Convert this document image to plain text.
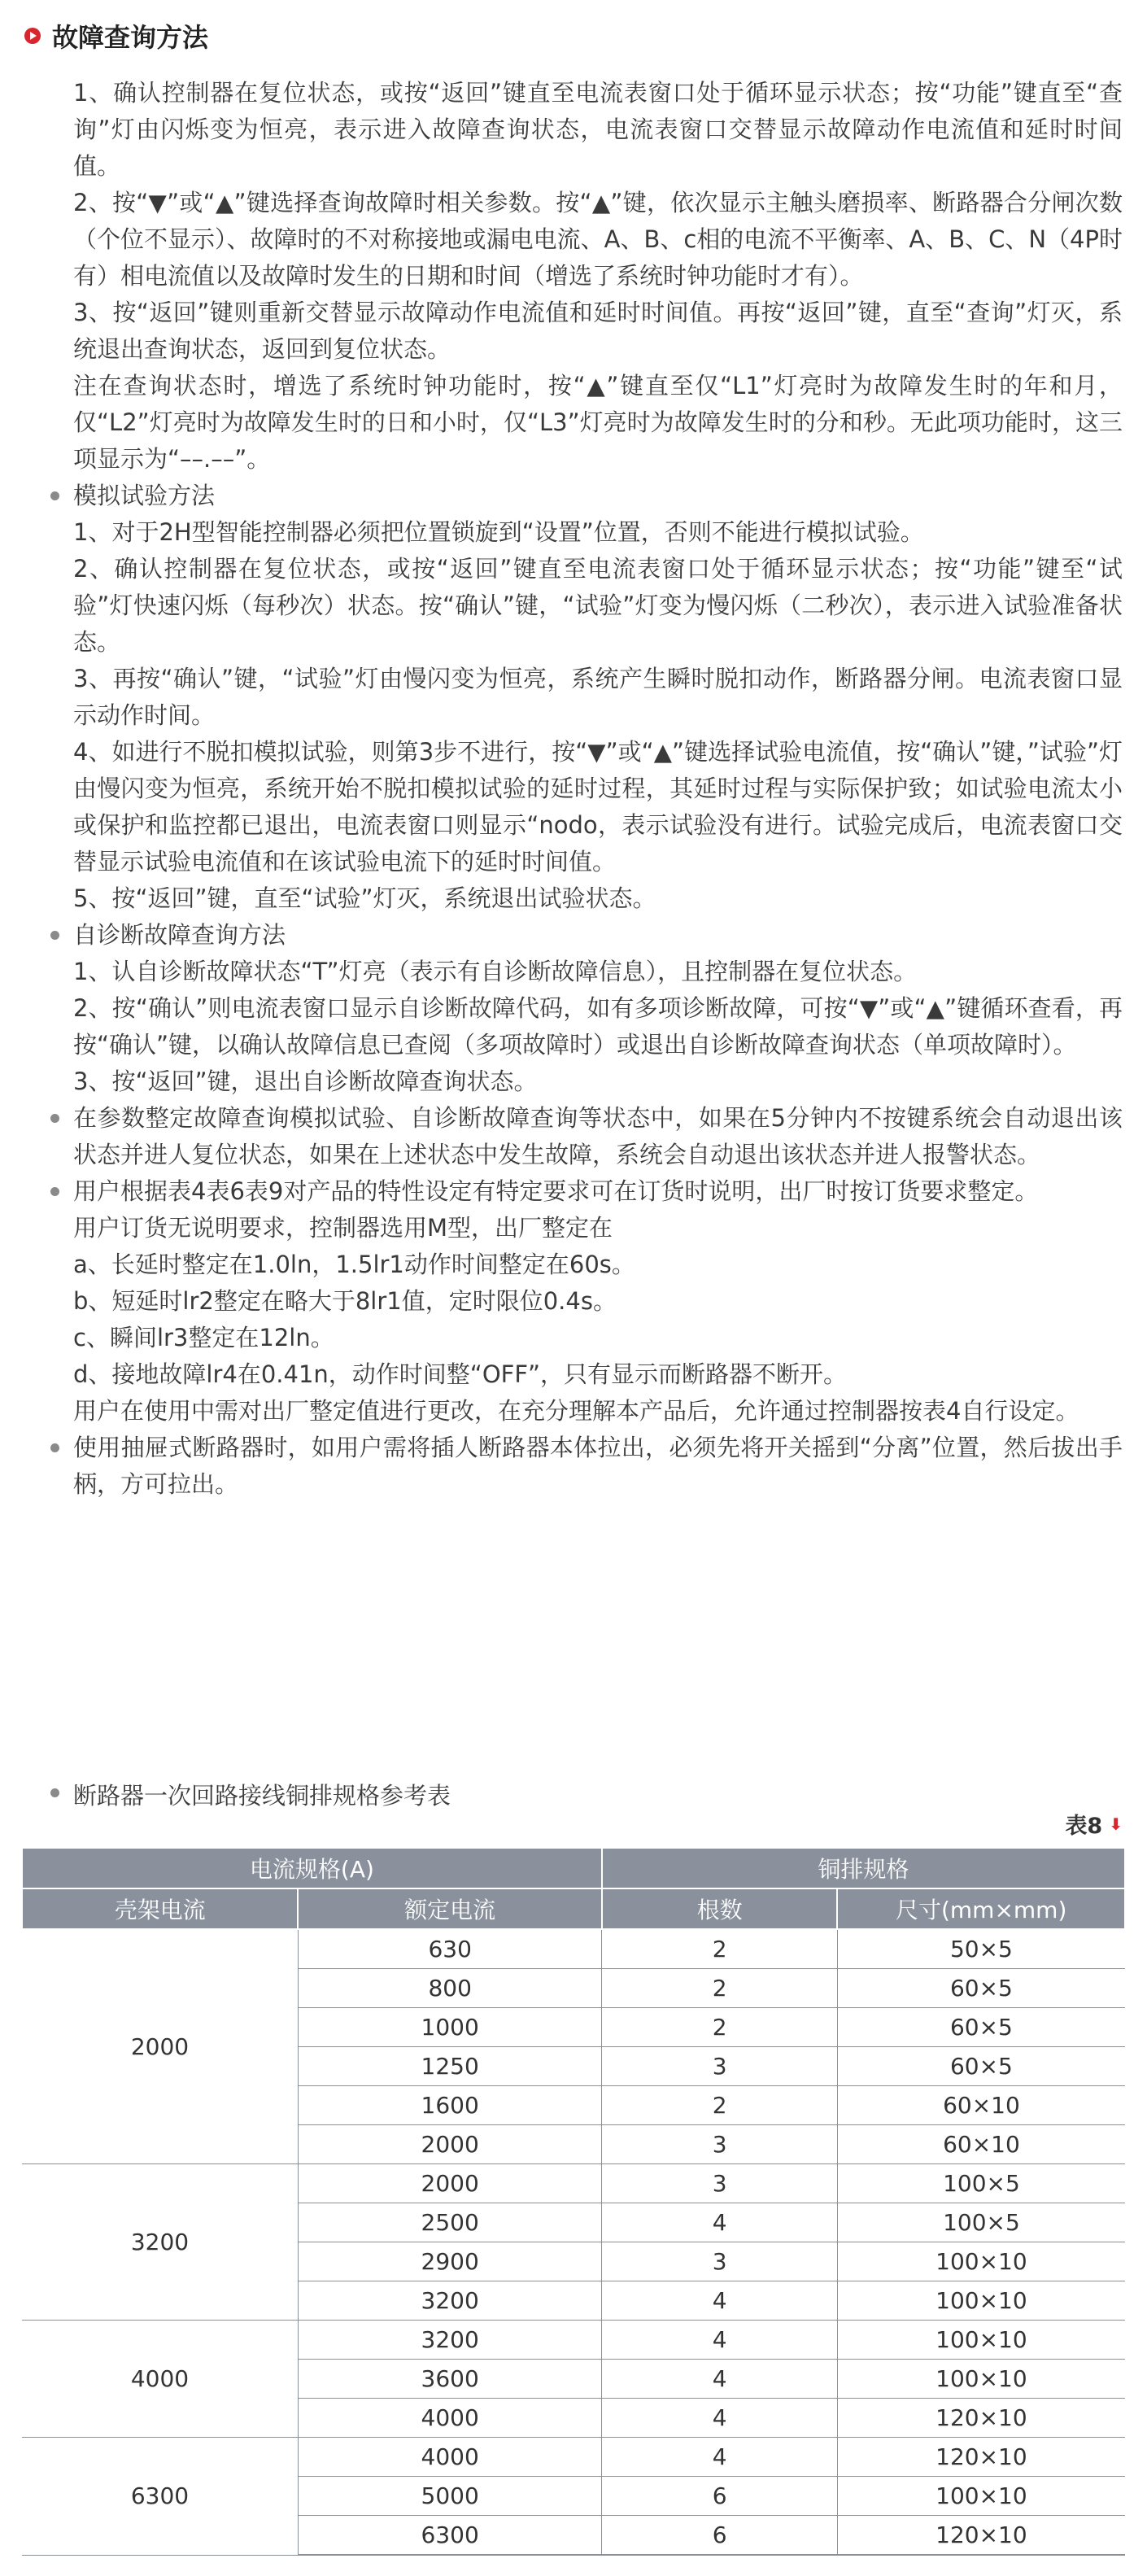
故障查询方法

1、确认控制器在复位状态，或按“返回”键直至电流表窗口处于循环显示状态；按“功能”键直至“查询”灯由闪烁变为恒亮，表示进入故障查询状态，电流表窗口交替显示故障动作电流值和延时时间值。

2、按“▼”或“▲”键选择查询故障时相关参数。按“▲”键，依次显示主触头磨损率、断路器合分闸次数（个位不显示）、故障时的不对称接地或漏电电流、A、B、c相的电流不平衡率、A、B、C、N（4P时有）相电流值以及故障时发生的日期和时间（增选了系统时钟功能时才有）。

3、按“返回”键则重新交替显示故障动作电流值和延时时间值。再按“返回”键，直至“查询”灯灭，系统退出查询状态，返回到复位状态。

注在查询状态时，增选了系统时钟功能时，按“▲”键直至仅“L1”灯亮时为故障发生时的年和月，仅“L2”灯亮时为故障发生时的日和小时，仅“L3”灯亮时为故障发生时的分和秒。无此项功能时，这三项显示为“––.––”。

模拟试验方法

1、对于2H型智能控制器必须把位置锁旋到“设置”位置，否则不能进行模拟试验。

2、确认控制器在复位状态，或按“返回”键直至电流表窗口处于循环显示状态；按“功能”键至“试验”灯快速闪烁（每秒次）状态。按“确认”键，“试验”灯变为慢闪烁（二秒次），表示进入试验准备状态。

3、再按“确认”键，“试验”灯由慢闪变为恒亮，系统产生瞬时脱扣动作，断路器分闸。电流表窗口显示动作时间。

4、如进行不脱扣模拟试验，则第3步不进行，按“▼”或“▲”键选择试验电流值，按“确认”键，”试验”灯由慢闪变为恒亮，系统开始不脱扣模拟试验的延时过程，其延时过程与实际保护致；如试验电流太小或保护和监控都已退出，电流表窗口则显示“nodo，表示试验没有进行。试验完成后，电流表窗口交替显示试验电流值和在该试验电流下的延时时间值。

5、按“返回”键，直至“试验”灯灭，系统退出试验状态。

自诊断故障查询方法

1、认自诊断故障状态“T”灯亮（表示有自诊断故障信息），且控制器在复位状态。

2、按“确认”则电流表窗口显示自诊断故障代码，如有多项诊断故障，可按“▼”或“▲”键循环查看，再按“确认”键，以确认故障信息已查阅（多项故障时）或退出自诊断故障查询状态（单项故障时）。

3、按“返回”键，退出自诊断故障查询状态。

在参数整定故障查询模拟试验、自诊断故障查询等状态中，如果在5分钟内不按键系统会自动退出该状态并进人复位状态，如果在上述状态中发生故障，系统会自动退出该状态并进人报警状态。

用户根据表4表6表9对产品的特性设定有特定要求可在订货时说明，出厂时按订货要求整定。

用户订货无说明要求，控制器选用M型，出厂整定在

a、长延时整定在1.0ln，1.5lr1动作时间整定在60s。

b、短延时lr2整定在略大于8lr1值，定时限位0.4s。

c、瞬间lr3整定在12ln。

d、接地故障lr4在0.41n，动作时间整“OFF”，只有显示而断路器不断开。

用户在使用中需对出厂整定值进行更改，在充分理解本产品后，允许通过控制器按表4自行设定。

使用抽屉式断路器时，如用户需将插人断路器本体拉出，必须先将开关摇到“分离”位置，然后拔出手柄，方可拉出。

断路器一次回路接线铜排规格参考表
表8 ⬇
电流规格(A)		铜排规格	
壳架电流	额定电流	根数	尺寸(mm×mm)
2000	630	2	50×5
	800	2	60×5
	1000	2	60×5
	1250	3	60×5
	1600	2	60×10
	2000	3	60×10
3200	2000	3	100×5
	2500	4	100×5
	2900	3	100×10
	3200	4	100×10
4000	3200	4	100×10
	3600	4	100×10
	4000	4	120×10
6300	4000	4	120×10
	5000	6	100×10
	6300	6	120×10
